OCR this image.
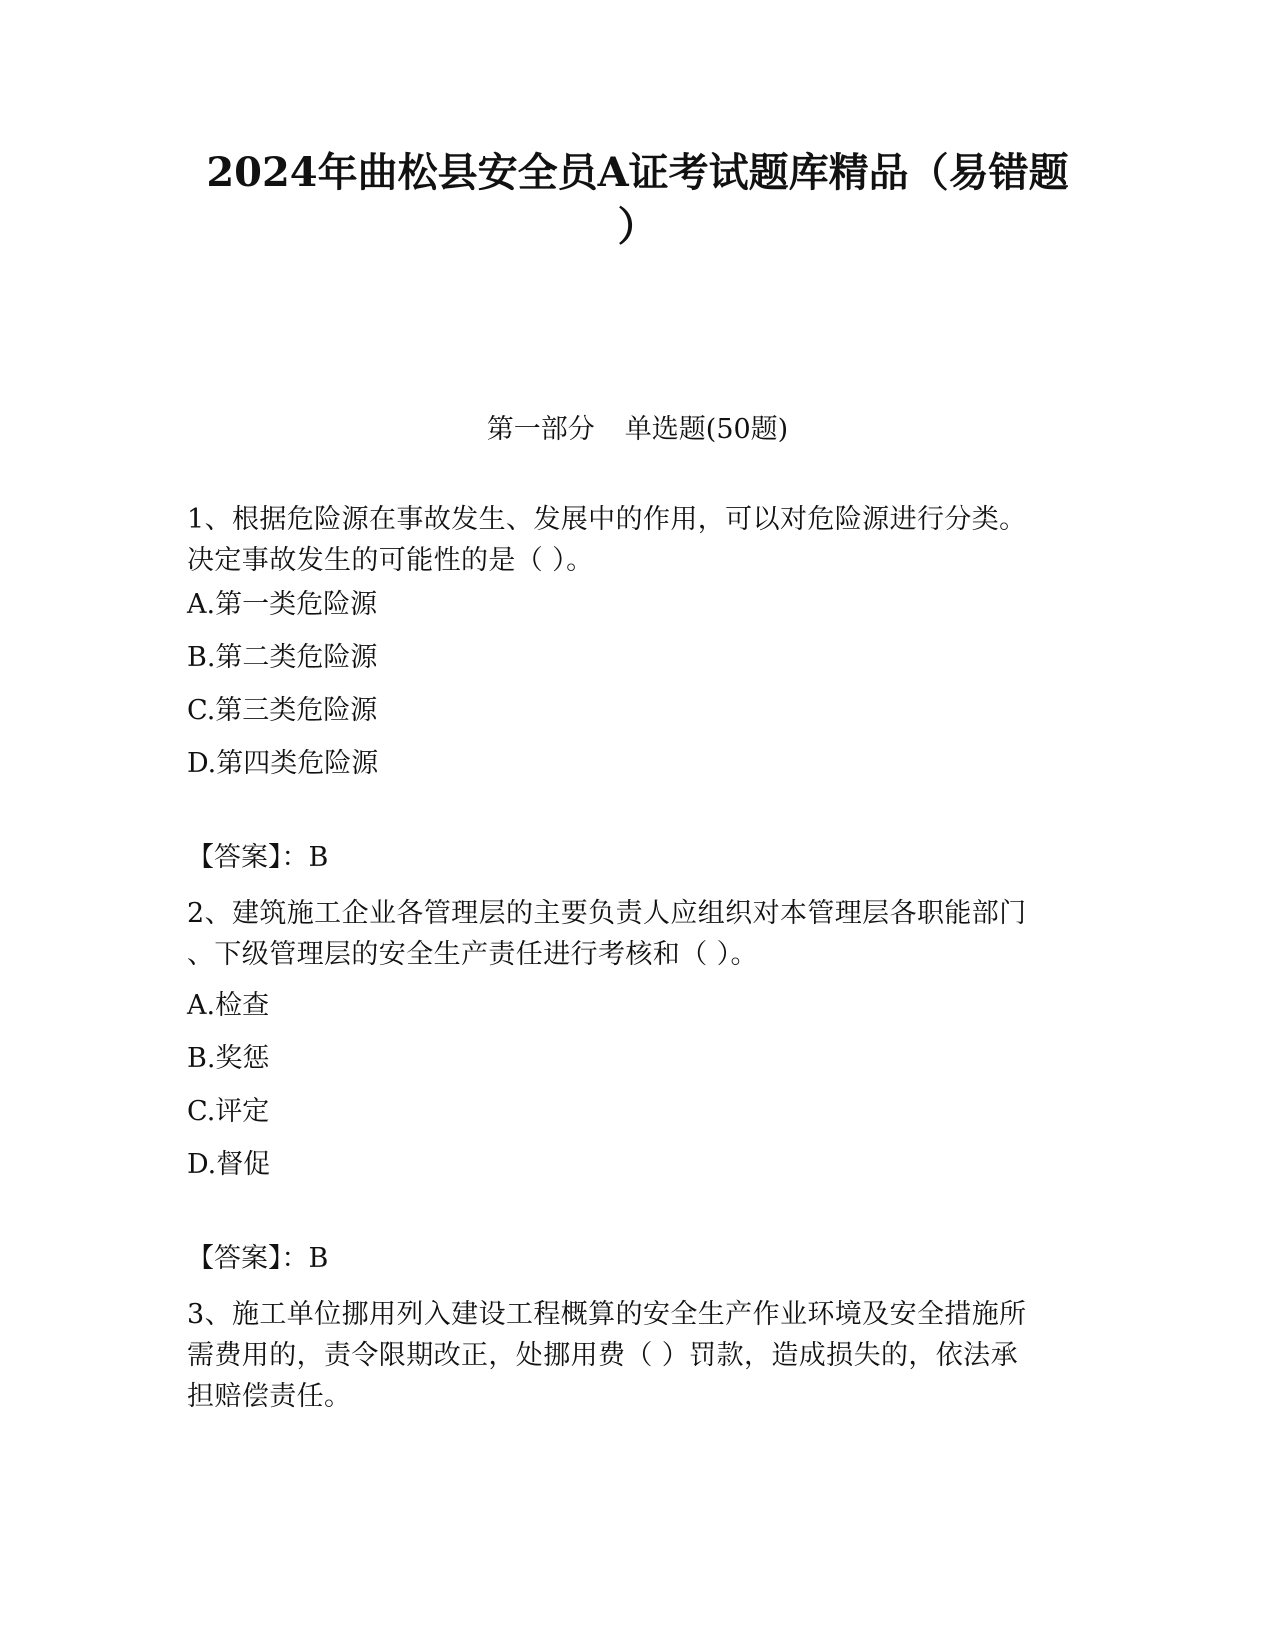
2024年曲松县安全员A证考试题库精品（易错题
）
第一部分 单选题(50题)
1、根据危险源在事故发生、发展中的作用，可以对危险源进行分类。
决定事故发生的可能性的是（ ）。
A.第一类危险源
B.第二类危险源
C.第三类危险源
D.第四类危险源
【答案】：B
2、建筑施工企业各管理层的主要负责人应组织对本管理层各职能部门
、下级管理层的安全生产责任进行考核和（ ）。
A.检查
B.奖惩
C.评定
D.督促
【答案】：B
3、施工单位挪用列入建设工程概算的安全生产作业环境及安全措施所
需费用的，责令限期改正，处挪用费（ ）罚款，造成损失的，依法承
担赔偿责任。
